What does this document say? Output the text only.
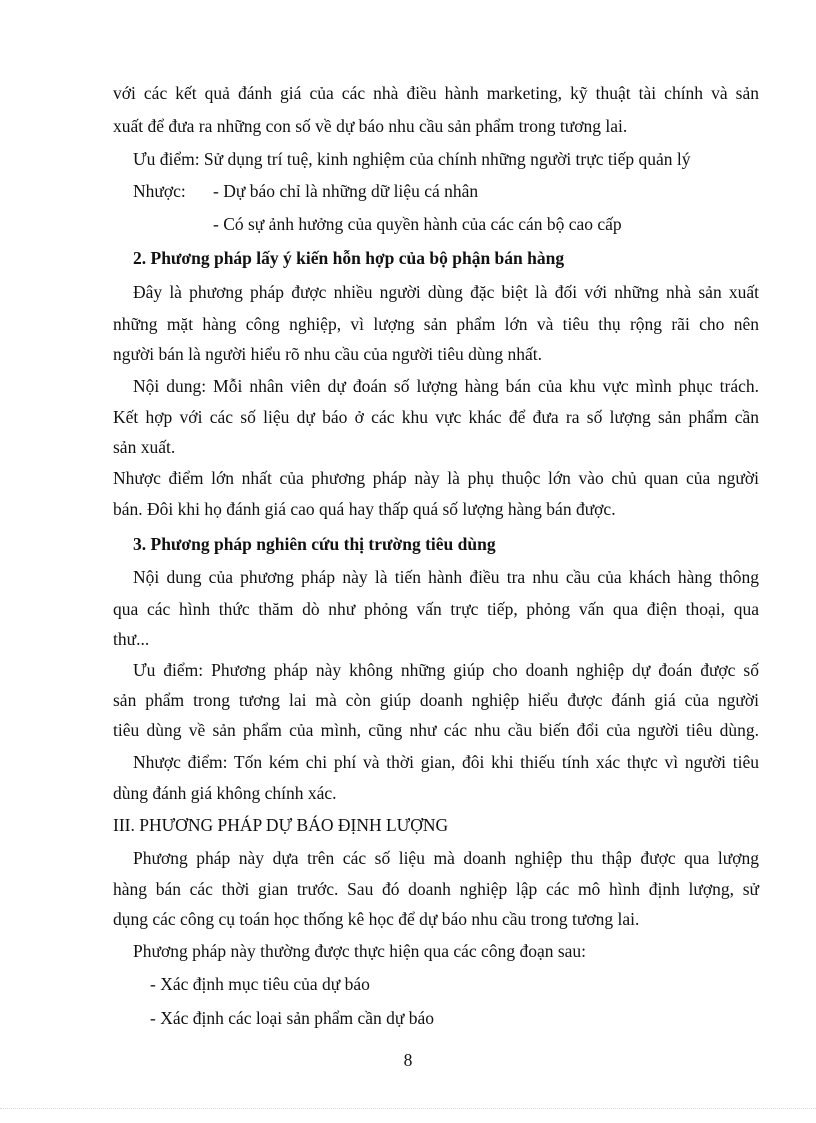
với các kết quả đánh giá của các nhà điều hành marketing, kỹ thuật tài chính và sản
xuất để đưa ra những con số về dự báo nhu cầu sản phẩm trong tương lai.
Ưu điểm: Sử dụng trí tuệ, kinh nghiệm của chính những người trực tiếp quản lý
Nhược: - Dự báo chỉ là những dữ liệu cá nhân
- Có sự ảnh hưởng của quyền hành của các cán bộ cao cấp
2. Phương pháp lấy ý kiến hỗn hợp của bộ phận bán hàng
Đây là phương pháp được nhiều người dùng đặc biệt là đối với những nhà sản xuất
những mặt hàng công nghiệp, vì lượng sản phẩm lớn và tiêu thụ rộng rãi cho nên
người bán là người hiểu rõ nhu cầu của người tiêu dùng nhất.
Nội dung: Mỗi nhân viên dự đoán số lượng hàng bán của khu vực mình phục trách.
Kết hợp với các số liệu dự báo ở các khu vực khác để đưa ra số lượng sản phẩm cần
sản xuất.
Nhược điểm lớn nhất của phương pháp này là phụ thuộc lớn vào chủ quan của người
bán. Đôi khi họ đánh giá cao quá hay thấp quá số lượng hàng bán được.
3. Phương pháp nghiên cứu thị trường tiêu dùng
Nội dung của phương pháp này là tiến hành điều tra nhu cầu của khách hàng thông
qua các hình thức thăm dò như phỏng vấn trực tiếp, phỏng vấn qua điện thoại, qua
thư...
Ưu điểm: Phương pháp này không những giúp cho doanh nghiệp dự đoán được số
sản phẩm trong tương lai mà còn giúp doanh nghiệp hiểu được đánh giá của người
tiêu dùng về sản phẩm của mình, cũng như các nhu cầu biến đổi của người tiêu dùng.
Nhược điểm: Tốn kém chi phí và thời gian, đôi khi thiếu tính xác thực vì người tiêu
dùng đánh giá không chính xác.
III. PHƯƠNG PHÁP DỰ BÁO ĐỊNH LƯỢNG
Phương pháp này dựa trên các số liệu mà doanh nghiệp thu thập được qua lượng
hàng bán các thời gian trước. Sau đó doanh nghiệp lập các mô hình định lượng, sử
dụng các công cụ toán học thống kê học để dự báo nhu cầu trong tương lai.
Phương pháp này thường được thực hiện qua các công đoạn sau:
- Xác định mục tiêu của dự báo
- Xác định các loại sản phẩm cần dự báo
8
